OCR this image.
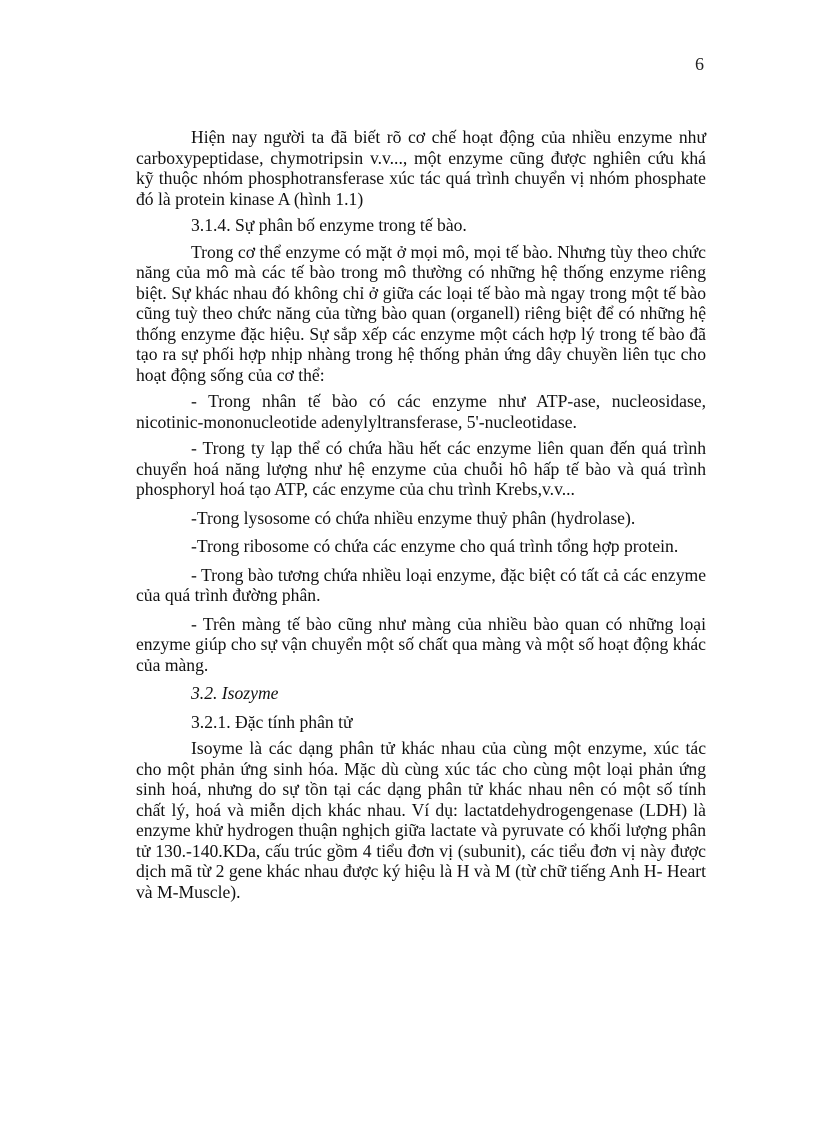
6

Hiện nay người ta đã biết rõ cơ chế hoạt động của nhiều enzyme như carboxypeptidase, chymotripsin v.v..., một enzyme cũng được nghiên cứu khá kỹ thuộc nhóm phosphotransferase xúc tác quá trình chuyển vị nhóm phosphate đó là protein kinase A (hình 1.1)

3.1.4. Sự phân bố enzyme trong tế bào.

Trong cơ thể enzyme có mặt ở mọi mô, mọi tế bào. Nhưng tùy theo chức năng của mô mà các tế bào trong mô thường có những hệ thống enzyme riêng biệt. Sự khác nhau đó không chỉ ở giữa các loại tế bào mà ngay trong một tế bào cũng tuỳ theo chức năng của từng bào quan (organell) riêng biệt để có những hệ thống enzyme đặc hiệu. Sự sắp xếp các enzyme một cách hợp lý trong tế bào đã tạo ra sự phối hợp nhịp nhàng trong hệ thống phản ứng dây chuyền liên tục cho hoạt động sống của cơ thể:

- Trong nhân tế bào có các enzyme như ATP-ase, nucleosidase, nicotinic-mononucleotide adenylyltransferase, 5'-nucleotidase.

- Trong ty lạp thể có chứa hầu hết các enzyme liên quan đến quá trình chuyển hoá năng lượng như hệ enzyme của chuỗi hô hấp tế bào và quá trình phosphoryl hoá tạo ATP, các enzyme của chu trình Krebs,v.v...

-Trong lysosome có chứa nhiều enzyme thuỷ phân (hydrolase).

-Trong ribosome có chứa các enzyme cho quá trình tổng hợp protein.

- Trong bào tương chứa nhiều loại enzyme, đặc biệt có tất cả các enzyme của quá trình đường phân.

- Trên màng tế bào cũng như màng của nhiều bào quan có những loại enzyme giúp cho sự vận chuyển một số chất qua màng và một số hoạt động khác của màng.

3.2. Isozyme

3.2.1. Đặc tính phân tử

Isoyme là các dạng phân tử khác nhau của cùng một enzyme, xúc tác cho một phản ứng sinh hóa. Mặc dù cùng xúc tác cho cùng một loại phản ứng sinh hoá, nhưng do sự tồn tại các dạng phân tử khác nhau nên có một số tính chất lý, hoá và miễn dịch khác nhau. Ví dụ: lactatdehydrogengenase (LDH) là enzyme khử hydrogen thuận nghịch giữa lactate và pyruvate có khối lượng phân tử 130.-140.KDa, cấu trúc gồm 4 tiểu đơn vị (subunit), các tiểu đơn vị này được dịch mã từ 2 gene khác nhau được ký hiệu là H và M (từ chữ tiếng Anh H- Heart và M-Muscle).
